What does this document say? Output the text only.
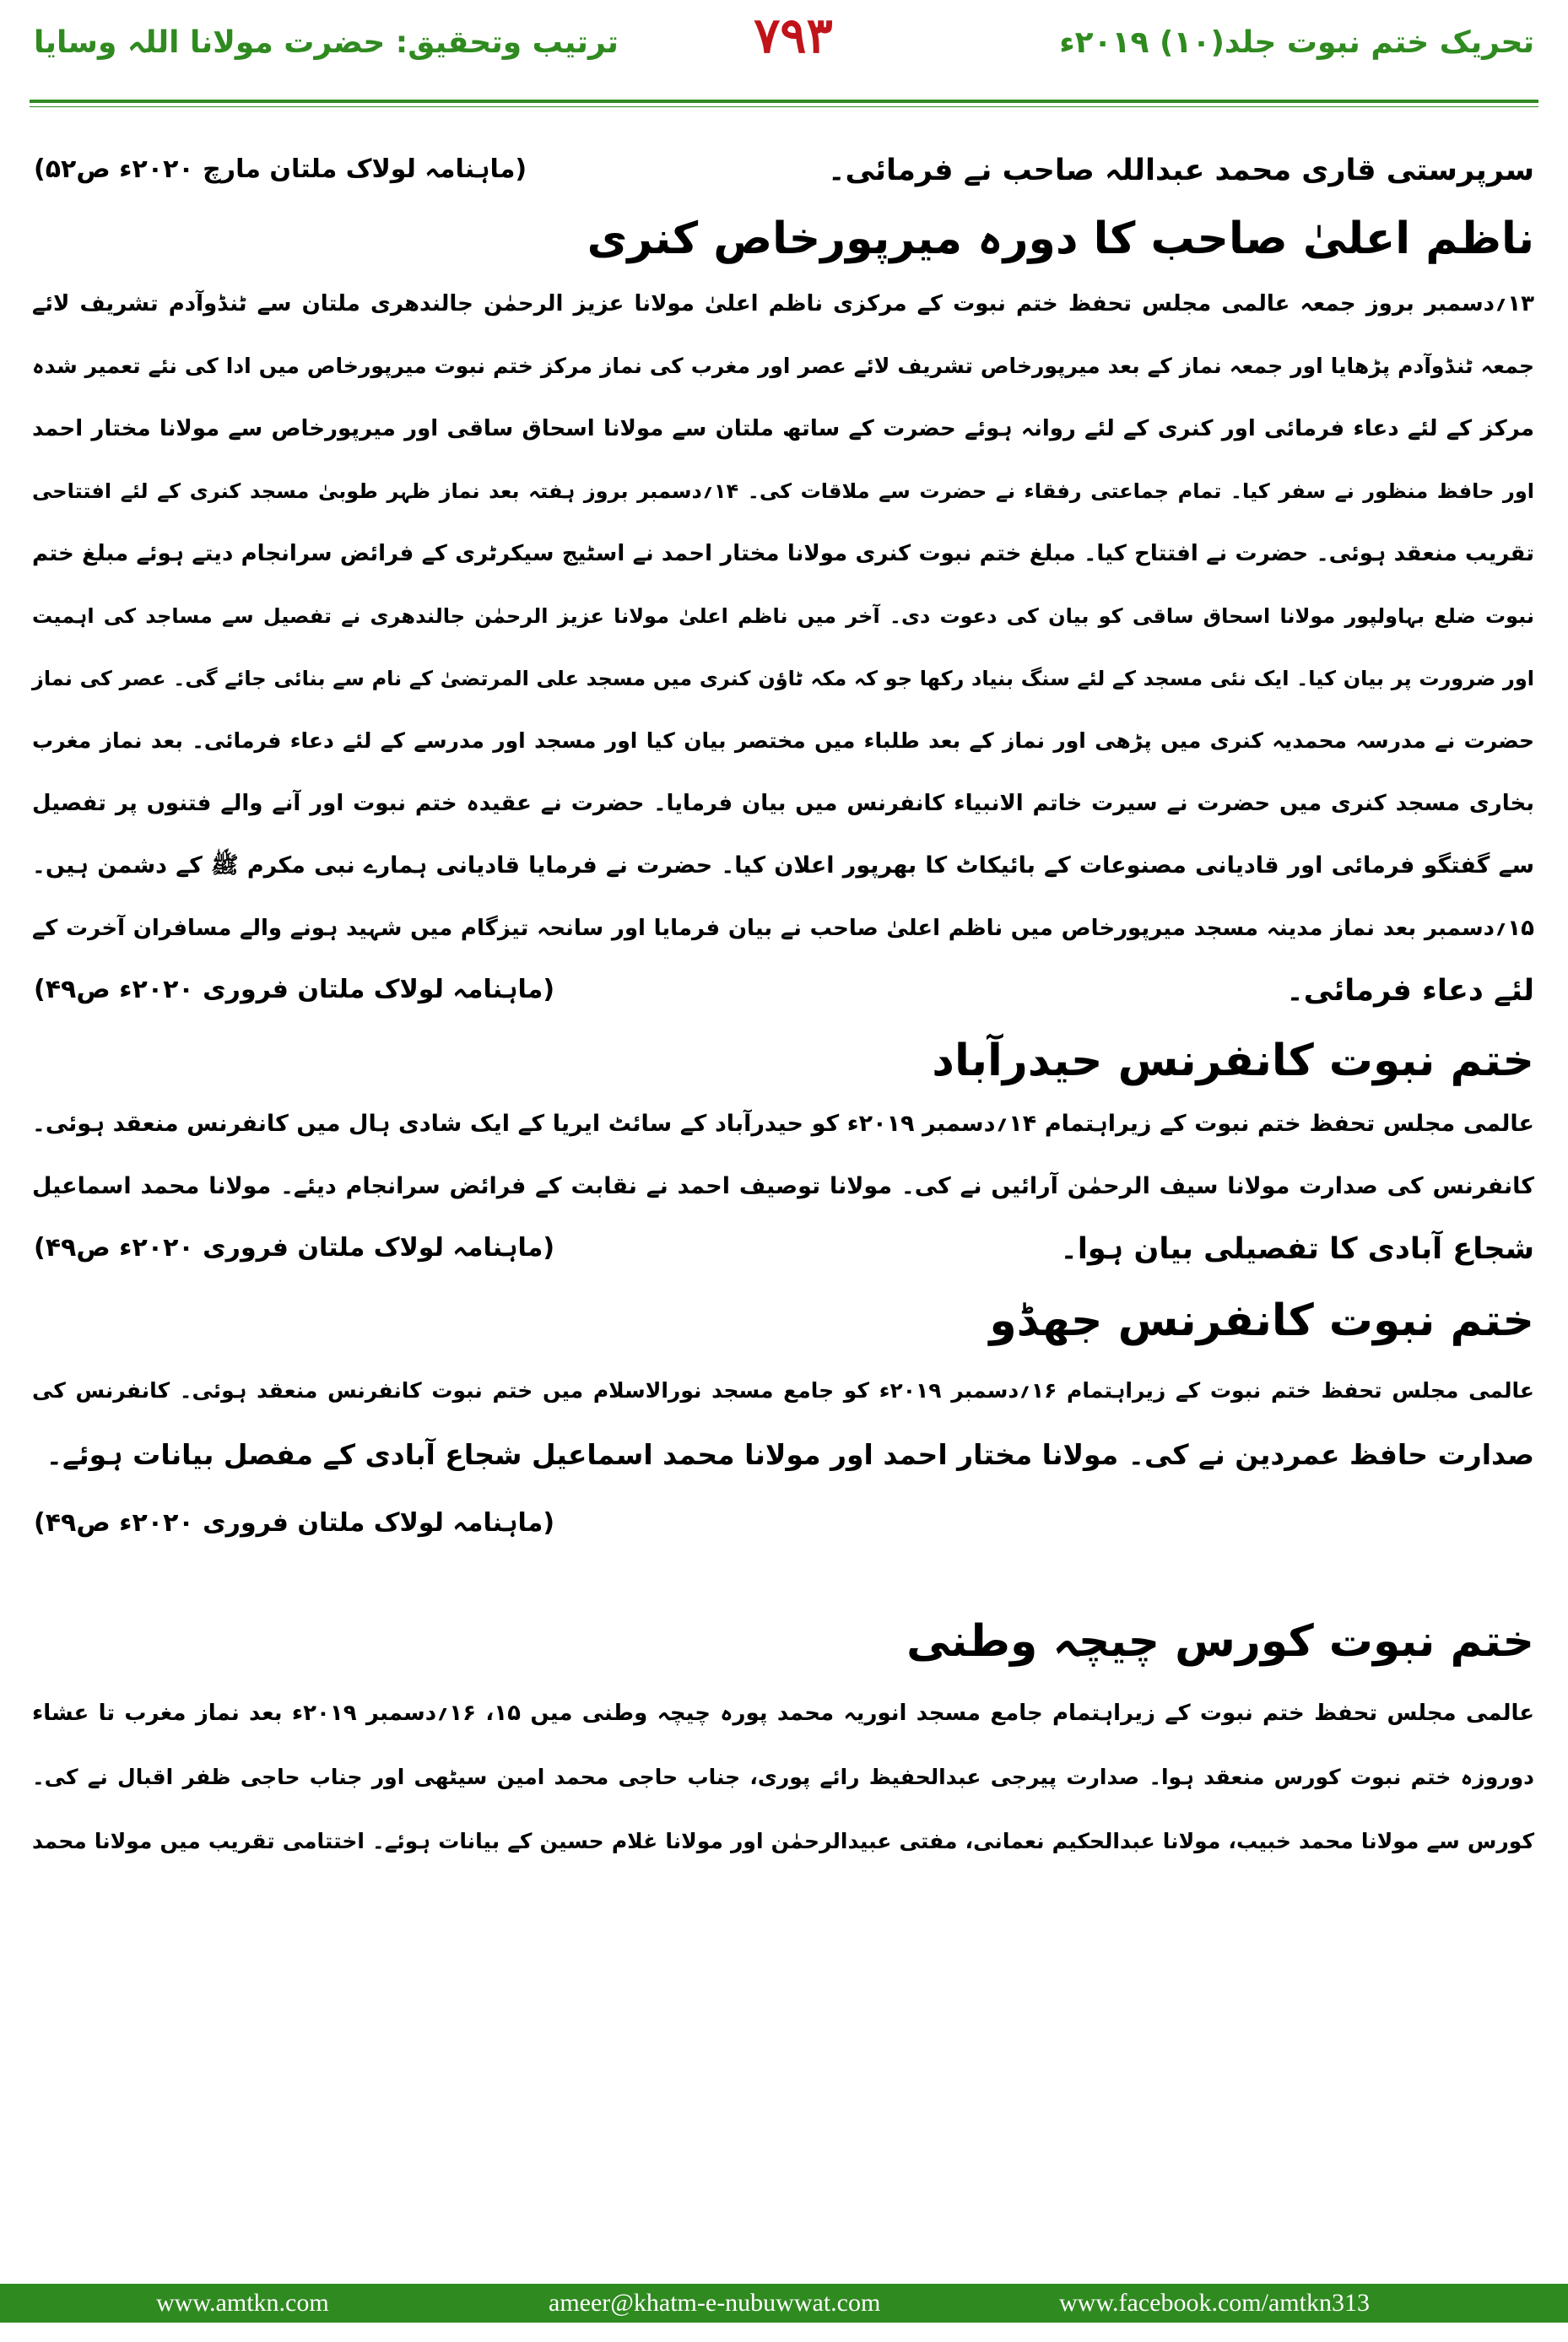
ترتیب وتحقیق: حضرت مولانا اللہ وسایا	۷۹۳	تحریک ختم نبوت جلد(۱۰) ۲۰۱۹ء
سرپرستی قاری محمد عبداللہ صاحب نے فرمائی۔
(ماہنامہ لولاک ملتان مارچ ۲۰۲۰ء ص۵۲)
ناظم اعلیٰ صاحب کا دورہ میرپورخاص کنری
۱۳؍دسمبر بروز جمعہ عالمی مجلس تحفظ ختم نبوت کے مرکزی ناظم اعلیٰ مولانا عزیز الرحمٰن جالندھری ملتان سے ٹنڈوآدم تشریف لائے
جمعہ ٹنڈوآدم پڑھایا اور جمعہ نماز کے بعد میرپورخاص تشریف لائے عصر اور مغرب کی نماز مرکز ختم نبوت میرپورخاص میں ادا کی نئے تعمیر شدہ
مرکز کے لئے دعاء فرمائی اور کنری کے لئے روانہ ہوئے حضرت کے ساتھ ملتان سے مولانا اسحاق ساقی اور میرپورخاص سے مولانا مختار احمد
اور حافظ منظور نے سفر کیا۔ تمام جماعتی رفقاء نے حضرت سے ملاقات کی۔ ۱۴؍دسمبر بروز ہفتہ بعد نماز ظہر طوبیٰ مسجد کنری کے لئے افتتاحی
تقریب منعقد ہوئی۔ حضرت نے افتتاح کیا۔ مبلغ ختم نبوت کنری مولانا مختار احمد نے اسٹیج سیکرٹری کے فرائض سرانجام دیتے ہوئے مبلغ ختم
نبوت ضلع بہاولپور مولانا اسحاق ساقی کو بیان کی دعوت دی۔ آخر میں ناظم اعلیٰ مولانا عزیز الرحمٰن جالندھری نے تفصیل سے مساجد کی اہمیت
اور ضرورت پر بیان کیا۔ ایک نئی مسجد کے لئے سنگ بنیاد رکھا جو کہ مکہ ٹاؤن کنری میں مسجد علی المرتضیٰ کے نام سے بنائی جائے گی۔ عصر کی نماز
حضرت نے مدرسہ محمدیہ کنری میں پڑھی اور نماز کے بعد طلباء میں مختصر بیان کیا اور مسجد اور مدرسے کے لئے دعاء فرمائی۔ بعد نماز مغرب
بخاری مسجد کنری میں حضرت نے سیرت خاتم الانبیاء کانفرنس میں بیان فرمایا۔ حضرت نے عقیدہ ختم نبوت اور آنے والے فتنوں پر تفصیل
سے گفتگو فرمائی اور قادیانی مصنوعات کے بائیکاٹ کا بھرپور اعلان کیا۔ حضرت نے فرمایا قادیانی ہمارے نبی مکرم ﷺ کے دشمن ہیں۔
۱۵؍دسمبر بعد نماز مدینہ مسجد میرپورخاص میں ناظم اعلیٰ صاحب نے بیان فرمایا اور سانحہ تیزگام میں شہید ہونے والے مسافران آخرت کے
لئے دعاء فرمائی۔
(ماہنامہ لولاک ملتان فروری ۲۰۲۰ء ص۴۹)
ختم نبوت کانفرنس حیدرآباد
عالمی مجلس تحفظ ختم نبوت کے زیراہتمام ۱۴؍دسمبر ۲۰۱۹ء کو حیدرآباد کے سائٹ ایریا کے ایک شادی ہال میں کانفرنس منعقد ہوئی۔
کانفرنس کی صدارت مولانا سیف الرحمٰن آرائیں نے کی۔ مولانا توصیف احمد نے نقابت کے فرائض سرانجام دیئے۔ مولانا محمد اسماعیل
شجاع آبادی کا تفصیلی بیان ہوا۔
(ماہنامہ لولاک ملتان فروری ۲۰۲۰ء ص۴۹)
ختم نبوت کانفرنس جھڈو
عالمی مجلس تحفظ ختم نبوت کے زیراہتمام ۱۶؍دسمبر ۲۰۱۹ء کو جامع مسجد نورالاسلام میں ختم نبوت کانفرنس منعقد ہوئی۔ کانفرنس کی
صدارت حافظ عمردین نے کی۔ مولانا مختار احمد اور مولانا محمد اسماعیل شجاع آبادی کے مفصل بیانات ہوئے۔
(ماہنامہ لولاک ملتان فروری ۲۰۲۰ء ص۴۹)
ختم نبوت کورس چیچہ وطنی
عالمی مجلس تحفظ ختم نبوت کے زیراہتمام جامع مسجد انوریہ محمد پورہ چیچہ وطنی میں ۱۵، ۱۶؍دسمبر ۲۰۱۹ء بعد نماز مغرب تا عشاء
دوروزہ ختم نبوت کورس منعقد ہوا۔ صدارت پیرجی عبدالحفیظ رائے پوری، جناب حاجی محمد امین سیٹھی اور جناب حاجی ظفر اقبال نے کی۔
کورس سے مولانا محمد خبیب، مولانا عبدالحکیم نعمانی، مفتی عبیدالرحمٰن اور مولانا غلام حسین کے بیانات ہوئے۔ اختتامی تقریب میں مولانا محمد
www.amtkn.com	ameer@khatm-e-nubuwwat.com	www.facebook.com/amtkn313
